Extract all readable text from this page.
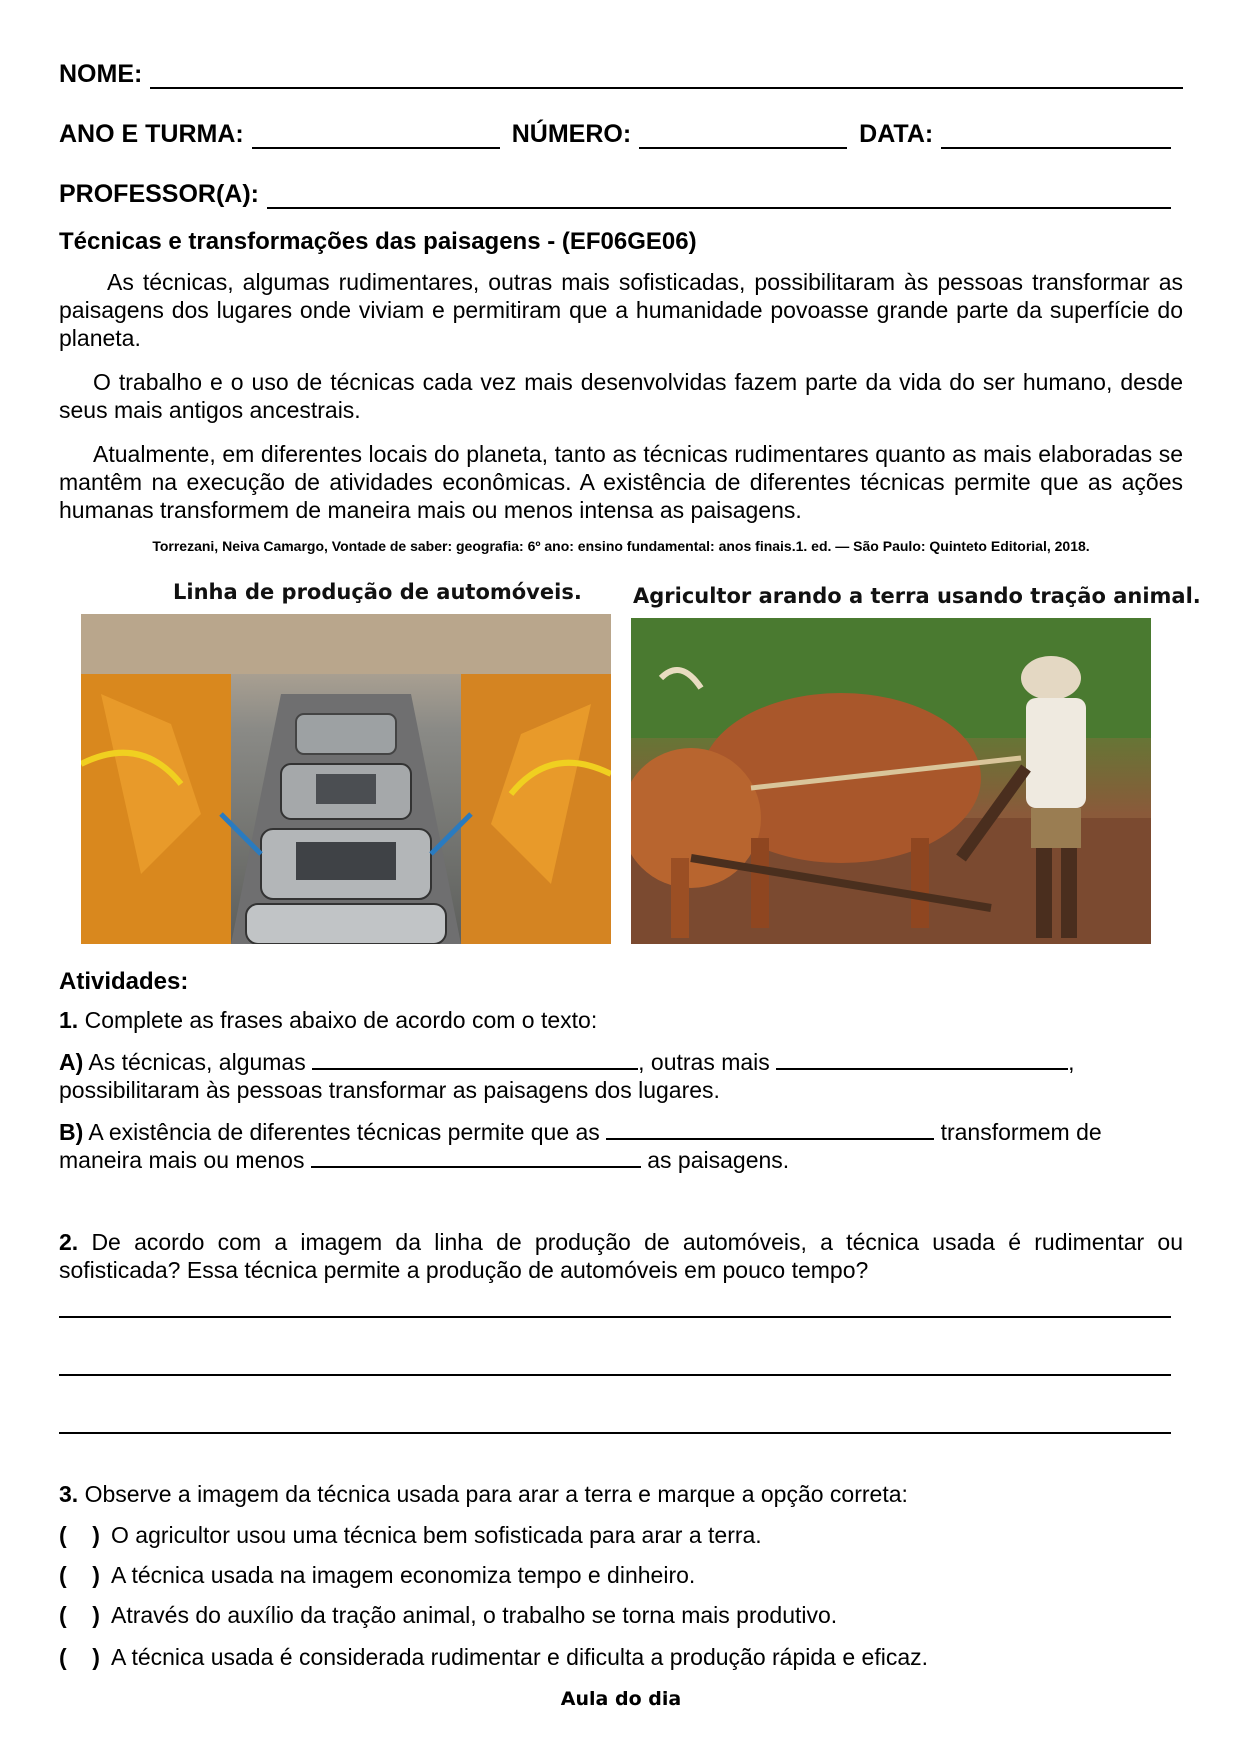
NOME:
ANO E TURMA:	NÚMERO:	DATA:
PROFESSOR(A):
Técnicas e transformações das paisagens - (EF06GE06)

As técnicas, algumas rudimentares, outras mais sofisticadas, possibilitaram às pessoas transformar as paisagens dos lugares onde viviam e permitiram que a humanidade povoasse grande parte da superfície do planeta.

O trabalho e o uso de técnicas cada vez mais desenvolvidas fazem parte da vida do ser humano, desde seus mais antigos ancestrais.

Atualmente, em diferentes locais do planeta, tanto as técnicas rudimentares quanto as mais elaboradas se mantêm na execução de atividades econômicas. A existência de diferentes técnicas permite que as ações humanas transformem de maneira mais ou menos intensa as paisagens.

Torrezani, Neiva Camargo, Vontade de saber: geografia: 6º ano: ensino fundamental: anos finais.1. ed. — São Paulo: Quinteto Editorial, 2018.
Linha de produção de automóveis. Agricultor arando a terra usando tração animal.
Atividades:
1. Complete as frases abaixo de acordo com o texto:
A) As técnicas, algumas	, outras mais	,
possibilitaram às pessoas transformar as paisagens dos lugares.
B) A existência de diferentes técnicas permite que as	transformem de
maneira mais ou menos	as paisagens.
2. De acordo com a imagem da linha de produção de automóveis, a técnica usada é rudimentar ou sofisticada? Essa técnica permite a produção de automóveis em pouco tempo?
3. Observe a imagem da técnica usada para arar a terra e marque a opção correta:
( ) O agricultor usou uma técnica bem sofisticada para arar a terra.
( ) A técnica usada na imagem economiza tempo e dinheiro.
( ) Através do auxílio da tração animal, o trabalho se torna mais produtivo.
( ) A técnica usada é considerada rudimentar e dificulta a produção rápida e eficaz.
Aula do dia
